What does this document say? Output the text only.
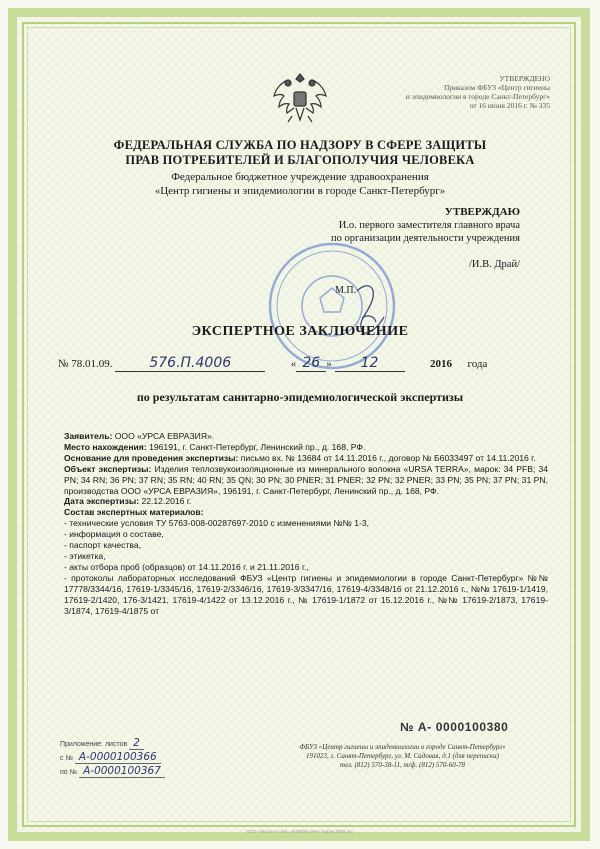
УТВЕРЖДЕНО
Приказом ФБУЗ «Центр гигиены
и эпидемиологии в городе Санкт-Петербург»
от 16 июня 2016 г. № 335
ФЕДЕРАЛЬНАЯ СЛУЖБА ПО НАДЗОРУ В СФЕРЕ ЗАЩИТЫ
ПРАВ ПОТРЕБИТЕЛЕЙ И БЛАГОПОЛУЧИЯ ЧЕЛОВЕКА
Федеральное бюджетное учреждение здравоохранения
«Центр гигиены и эпидемиологии в городе Санкт-Петербург»
УТВЕРЖДАЮ
И.о. первого заместителя главного врача
по организации деятельности учреждения
/И.В. Драй/
М.П.
ЭКСПЕРТНОЕ ЗАКЛЮЧЕНИЕ
№ 78.01.09.	576.П.4006	« 26 » 12	2016 года
по результатам санитарно-эпидемиологической экспертизы

Заявитель: ООО «УРСА ЕВРАЗИЯ».

Место нахождения: 196191, г. Санкт-Петербург, Ленинский пр., д. 168, РФ.

Основание для проведения экспертизы: письмо вх. № 13684 от 14.11.2016 г., договор № Б6033497 от 14.11.2016 г.

Объект экспертизы: Изделия теплозвукоизоляционные из минерального волокна «URSA TERRA», марок: 34 PFB; 34 PN; 34 RN; 36 PN; 37 RN; 35 RN; 40 RN; 35 QN; 30 PN; 30 PNER; 31 PNER; 32 PN; 32 PNER; 33 PN; 35 PN; 37 PN; 31 PN, производства ООО «УРСА ЕВРАЗИЯ», 196191, г. Санкт-Петербург, Ленинский пр., д. 168, РФ.

Дата экспертизы: 22.12.2016 г.

Состав экспертных материалов:

- технические условия ТУ 5763-008-00287697-2010 с изменениями №№ 1-3,

- информация о составе,

- паспорт качества,

- этикетка,

- акты отбора проб (образцов) от 14.11.2016 г. и 21.11.2016 г.,

- протоколы лабораторных исследований ФБУЗ «Центр гигиены и эпидемиологии в городе Санкт-Петербург» №№ 17778/3344/16, 17619-1/3345/16, 17619-2/3346/16, 17619-3/3347/16, 17619-4/3348/16 от 21.12.2016 г., №№ 17619-1/1419, 17619-2/1420, 176-3/1421, 17619-4/1422 от 13.12.2016 г., № 17619-1/1872 от 15.12.2016 г., №№ 17619-2/1873, 17619-3/1874, 17619-4/1875 от

№ А- 0000100380
Приложение: листов 2
с № А-0000100366
по № А-0000100367
ФБУЗ «Центр гигиены и эпидемиологии в городе Санкт-Петербург»
191023, г. Санкт-Петербург, ул. М. Садовая, д.1 (для переписки)
тел. (812) 570-38-11, т/ф. (812) 570-60-78
ООО «Литэксп» Лиц. №00090 ИНН Тираж 2000 экз.
